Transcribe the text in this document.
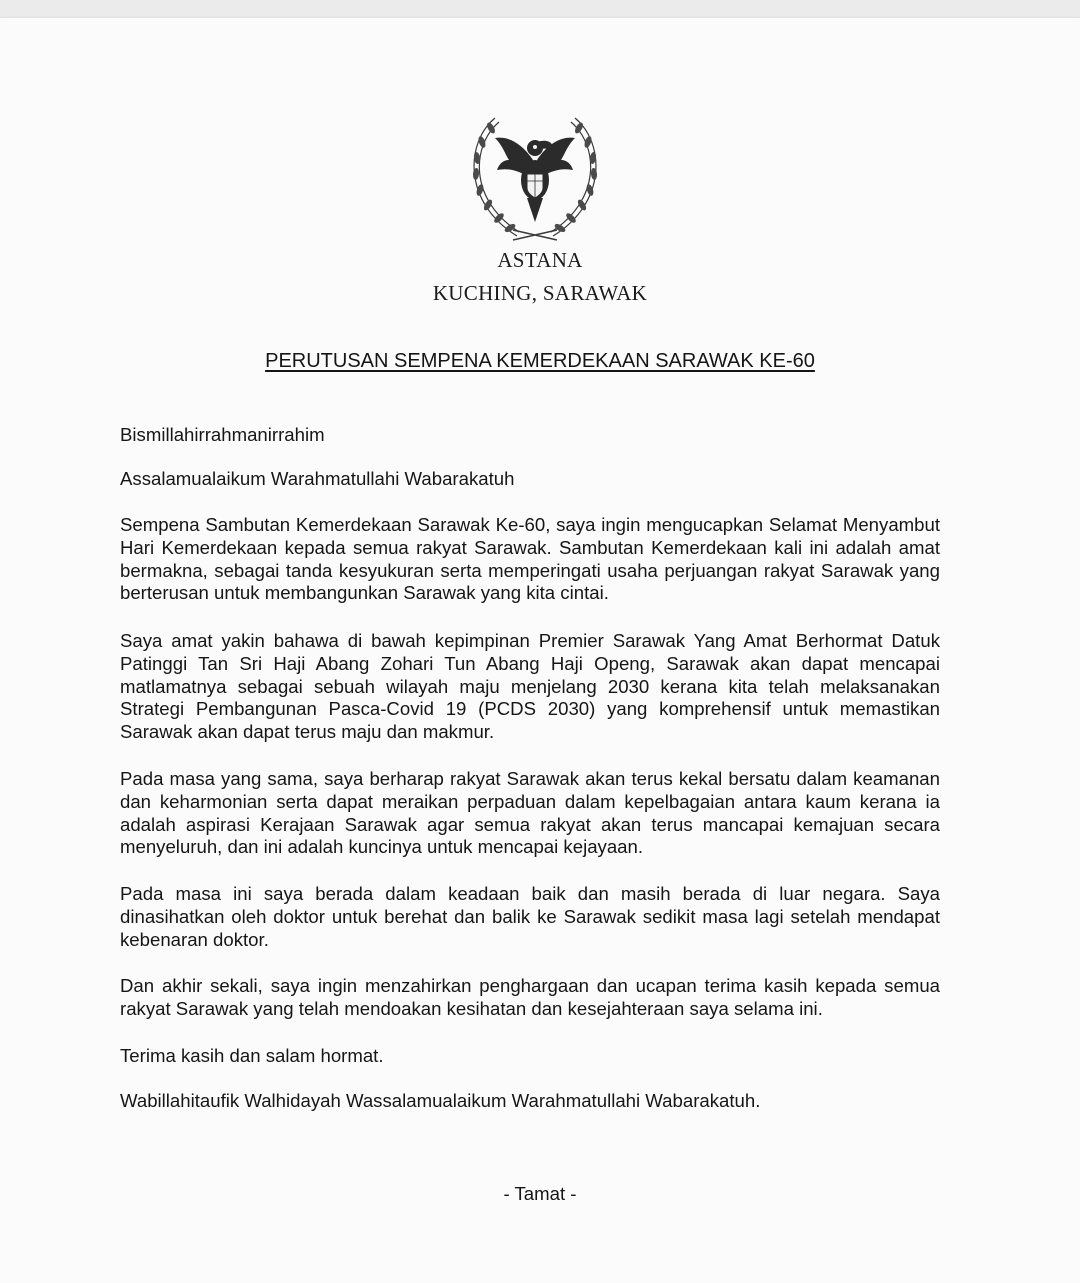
ASTANA
KUCHING, SARAWAK
PERUTUSAN SEMPENA KEMERDEKAAN SARAWAK KE-60
Bismillahirrahmanirrahim
Assalamualaikum Warahmatullahi Wabarakatuh
Sempena Sambutan Kemerdekaan Sarawak Ke-60, saya ingin mengucapkan Selamat Menyambut Hari Kemerdekaan kepada semua rakyat Sarawak. Sambutan Kemerdekaan kali ini adalah amat bermakna, sebagai tanda kesyukuran serta memperingati usaha perjuangan rakyat Sarawak yang berterusan untuk membangunkan Sarawak yang kita cintai.
Saya amat yakin bahawa di bawah kepimpinan Premier Sarawak Yang Amat Berhormat Datuk Patinggi Tan Sri Haji Abang Zohari Tun Abang Haji Openg, Sarawak akan dapat mencapai matlamatnya sebagai sebuah wilayah maju menjelang 2030 kerana kita telah melaksanakan Strategi Pembangunan Pasca-Covid 19 (PCDS 2030) yang komprehensif untuk memastikan Sarawak akan dapat terus maju dan makmur.
Pada masa yang sama, saya berharap rakyat Sarawak akan terus kekal bersatu dalam keamanan dan keharmonian serta dapat meraikan perpaduan dalam kepelbagaian antara kaum kerana ia adalah aspirasi Kerajaan Sarawak agar semua rakyat akan terus mancapai kemajuan secara menyeluruh, dan ini adalah kuncinya untuk mencapai kejayaan.
Pada masa ini saya berada dalam keadaan baik dan masih berada di luar negara. Saya dinasihatkan oleh doktor untuk berehat dan balik ke Sarawak sedikit masa lagi setelah mendapat kebenaran doktor.
Dan akhir sekali, saya ingin menzahirkan penghargaan dan ucapan terima kasih kepada semua rakyat Sarawak yang telah mendoakan kesihatan dan kesejahteraan saya selama ini.
Terima kasih dan salam hormat.
Wabillahitaufik Walhidayah Wassalamualaikum Warahmatullahi Wabarakatuh.
- Tamat -
